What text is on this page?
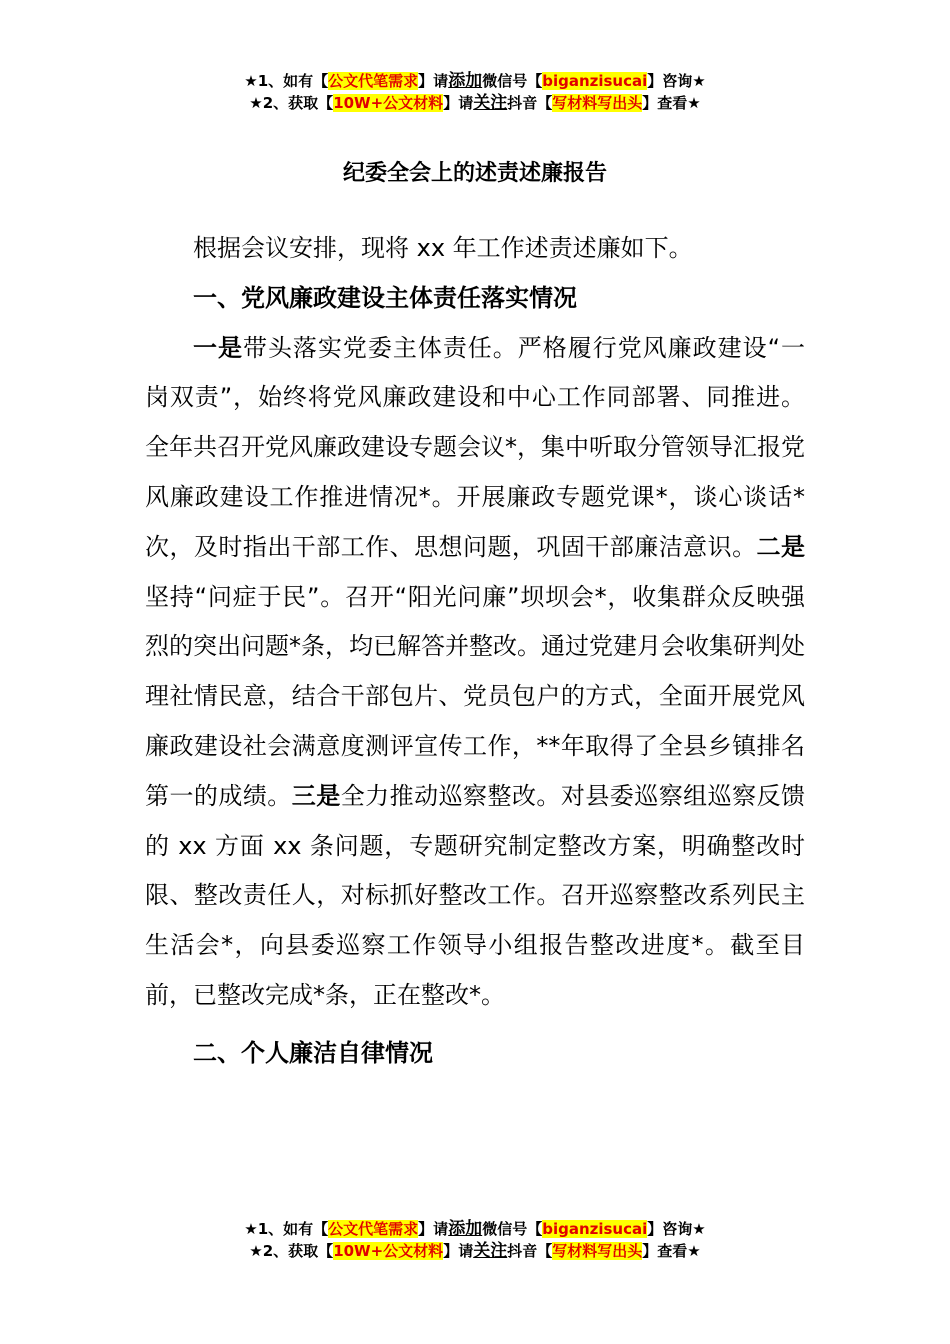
★1、如有【公文代笔需求】请添加微信号【biganzisucai】咨询★
★2、获取【10W+公文材料】请关注抖音【写材料写出头】查看★
纪委全会上的述责述廉报告

根据会议安排，现将 xx 年工作述责述廉如下。

一、党风廉政建设主体责任落实情况

一是带头落实党委主体责任。严格履行党风廉政建设“一岗双责”，始终将党风廉政建设和中心工作同部署、同推进。全年共召开党风廉政建设专题会议*，集中听取分管领导汇报党风廉政建设工作推进情况*。开展廉政专题党课*，谈心谈话*次，及时指出干部工作、思想问题，巩固干部廉洁意识。二是坚持“问症于民”。召开“阳光问廉”坝坝会*，收集群众反映强烈的突出问题*条，均已解答并整改。通过党建月会收集研判处理社情民意，结合干部包片、党员包户的方式，全面开展党风廉政建设社会满意度测评宣传工作，**年取得了全县乡镇排名第一的成绩。三是全力推动巡察整改。对县委巡察组巡察反馈的 xx 方面 xx 条问题，专题研究制定整改方案，明确整改时限、整改责任人，对标抓好整改工作。召开巡察整改系列民主生活会*，向县委巡察工作领导小组报告整改进度*。截至目前，已整改完成*条，正在整改*。

二、个人廉洁自律情况

★1、如有【公文代笔需求】请添加微信号【biganzisucai】咨询★
★2、获取【10W+公文材料】请关注抖音【写材料写出头】查看★
